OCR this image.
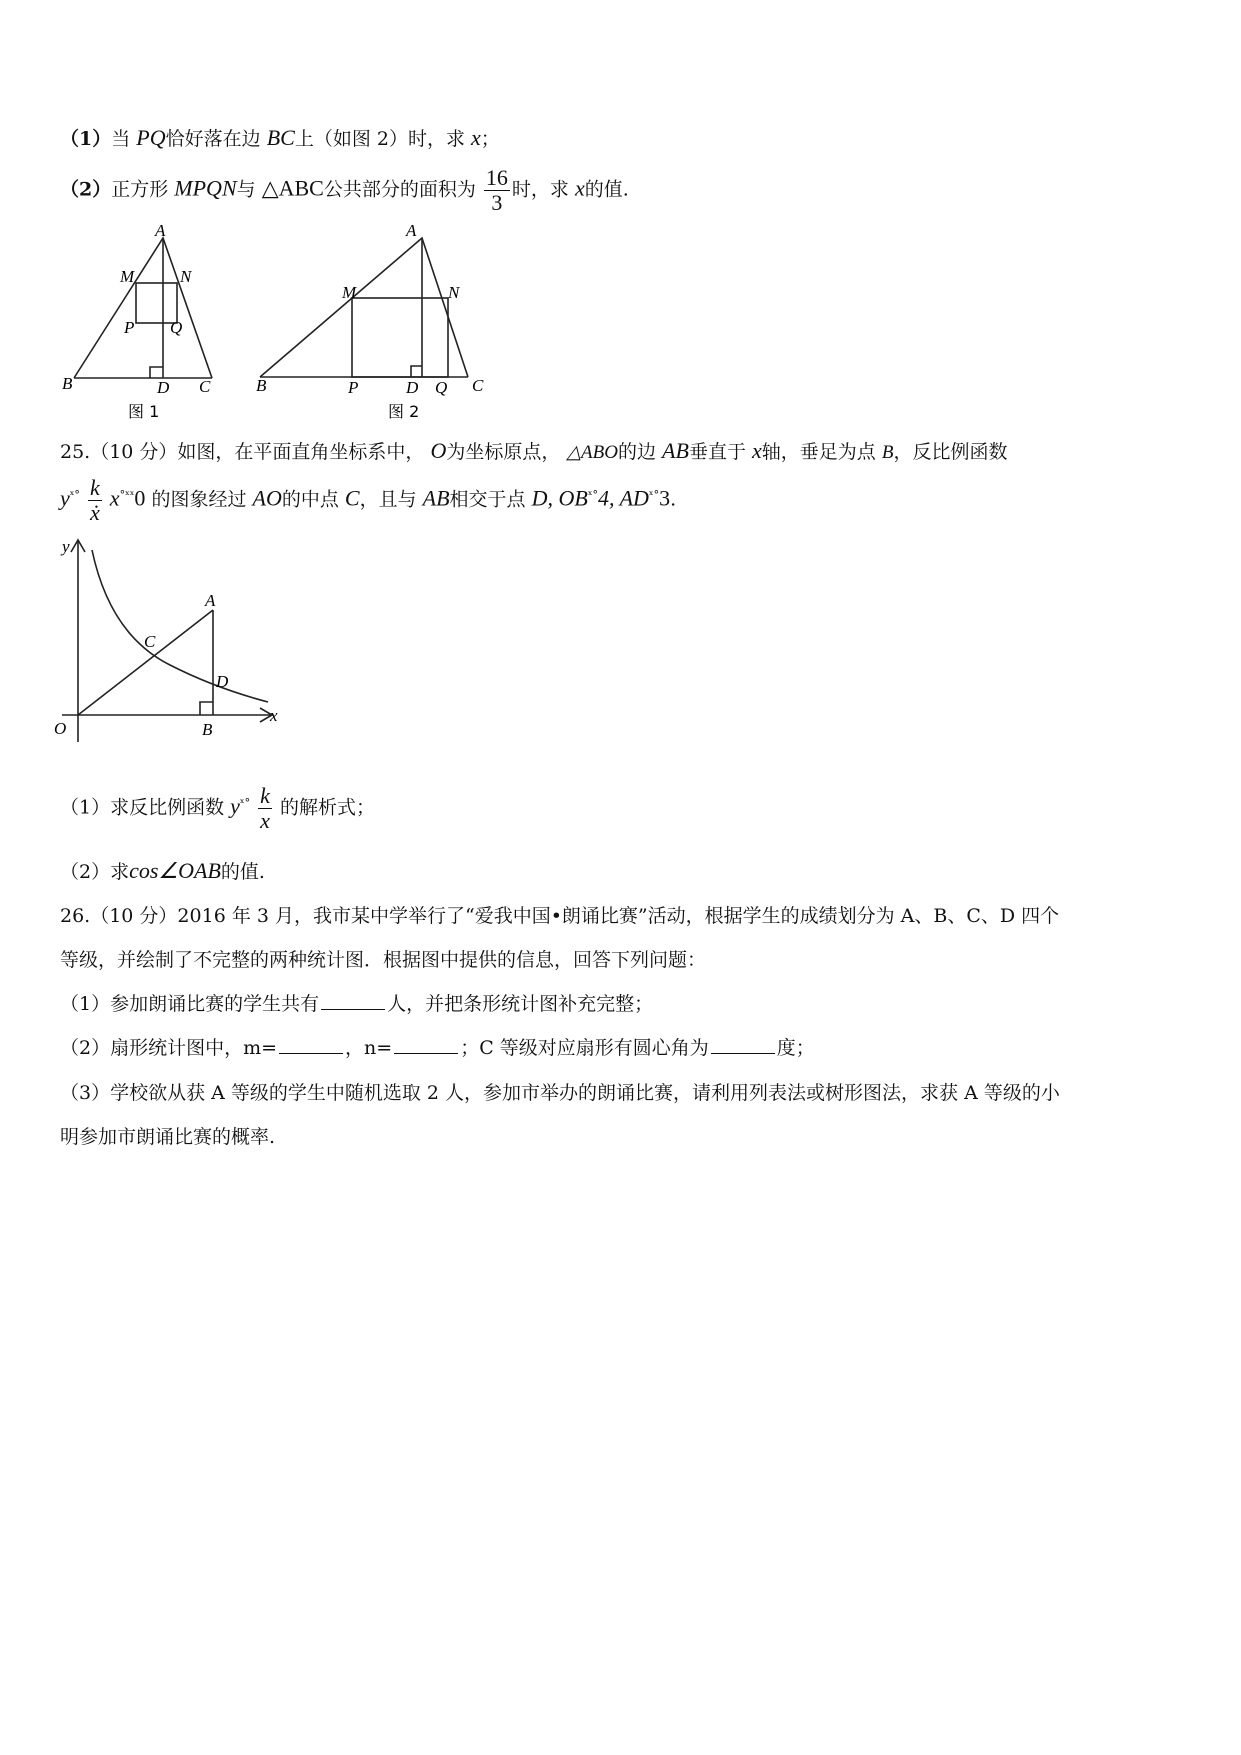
（1）当 PQ恰好落在边 BC上（如图 2）时，求 x；
（2）正方形 MPQN与 △ABC公共部分的面积为 $\frac{16}{3}$ 时，求 x的值.
A
M	N
P Q
B	D C
图 1
A
M	N
B	P	D Q C
图 2
25.（10 分）如图，在平面直角坐标系中， O为坐标原点， △ABO的边 AB垂直于 x轴，垂足为点 B，反比例函数
$y^{ˣ^\circ} \frac{k}{\text{ẋ}} x^{^\circ ˣˣ}0$ 的图象经过 AO的中点 C，且与 AB相交于点 D, $OB^{ˣ^\circ}4$, $AD^{ˣ^\circ}3$.
y
x
O
A
C
D
B
（1）求反比例函数 $y^{ˣ^\circ} \frac{k}{x}$ 的解析式；
（2）求cos∠OAB的值.
26.（10 分）2016 年 3 月，我市某中学举行了“爱我中国•朗诵比赛”活动，根据学生的成绩划分为 A、B、C、D 四个
等级，并绘制了不完整的两种统计图．根据图中提供的信息，回答下列问题：
（1）参加朗诵比赛的学生共有	人，并把条形统计图补充完整；
（2）扇形统计图中，m=	，n=	；C 等级对应扇形有圆心角为	度；
（3）学校欲从获 A 等级的学生中随机选取 2 人，参加市举办的朗诵比赛，请利用列表法或树形图法，求获 A 等级的小
明参加市朗诵比赛的概率.
